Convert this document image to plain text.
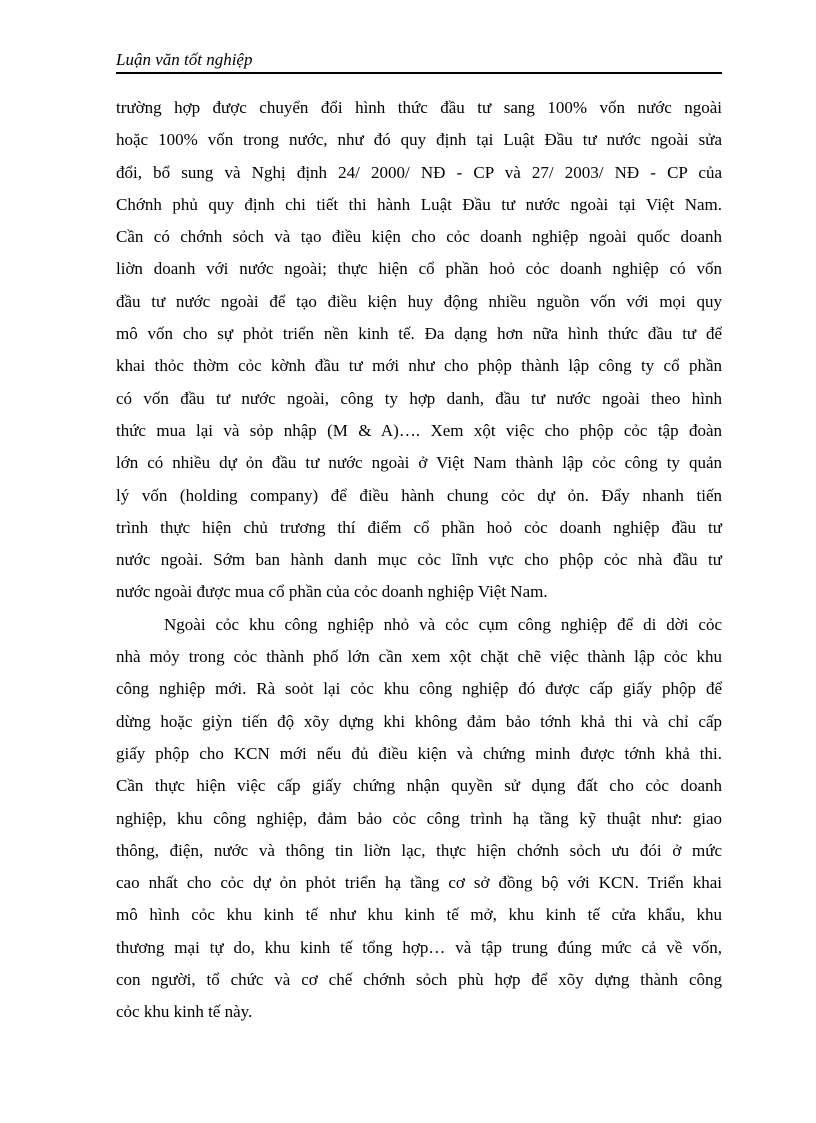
Luận văn tốt nghiệp

trường hợp được chuyển đổi hình thức đầu tư sang 100% vốn nước ngoài
hoặc 100% vốn trong nước, như đó quy định tại Luật Đầu tư nước ngoài sửa
đổi, bổ sung và Nghị định 24/ 2000/ NĐ - CP và 27/ 2003/ NĐ - CP của
Chớnh phủ quy định chi tiết thi hành Luật Đầu tư nước ngoài tại Việt Nam.
Cần có chớnh sỏch và tạo điều kiện cho cỏc doanh nghiệp ngoài quốc doanh
liờn doanh với nước ngoài; thực hiện cổ phần hoỏ cỏc doanh nghiệp có vốn
đầu tư nước ngoài để tạo điều kiện huy động nhiều nguồn vốn với mọi quy
mô vốn cho sự phỏt triển nền kinh tế. Đa dạng hơn nữa hình thức đầu tư để
khai thỏc thờm cỏc kờnh đầu tư mới như cho phộp thành lập công ty cổ phần
có vốn đầu tư nước ngoài, công ty hợp danh, đầu tư nước ngoài theo hình
thức mua lại và sỏp nhập (M & A)…. Xem xột việc cho phộp cỏc tập đoàn
lớn có nhiều dự ỏn đầu tư nước ngoài ở Việt Nam thành lập cỏc công ty quản
lý vốn (holding company) để điều hành chung cỏc dự ỏn. Đẩy nhanh tiến
trình thực hiện chủ trương thí điểm cổ phần hoỏ cỏc doanh nghiệp đầu tư
nước ngoài. Sớm ban hành danh mục cỏc lĩnh vực cho phộp cỏc nhà đầu tư
nước ngoài được mua cổ phần của cỏc doanh nghiệp Việt Nam.

Ngoài cỏc khu công nghiệp nhỏ và cỏc cụm công nghiệp để di dời cỏc
nhà mỏy trong cỏc thành phố lớn cần xem xột chặt chẽ việc thành lập cỏc khu
công nghiệp mới. Rà soỏt lại cỏc khu công nghiệp đó được cấp giấy phộp để
dừng hoặc giỳn tiến độ xõy dựng khi không đảm bảo tớnh khả thi và chỉ cấp
giấy phộp cho KCN mới nếu đủ điều kiện và chứng minh được tớnh khả thi.
Cần thực hiện việc cấp giấy chứng nhận quyền sử dụng đất cho cỏc doanh
nghiệp, khu công nghiệp, đảm bảo cỏc công trình hạ tầng kỹ thuật như: giao
thông, điện, nước và thông tin liờn lạc, thực hiện chớnh sỏch ưu đói ở mức
cao nhất cho cỏc dự ỏn phỏt triển hạ tầng cơ sở đồng bộ với KCN. Triển khai
mô hình cỏc khu kinh tế như khu kinh tế mở, khu kinh tế cửa khẩu, khu
thương mại tự do, khu kinh tế tổng hợp… và tập trung đúng mức cả về vốn,
con người, tổ chức và cơ chế chớnh sỏch phù hợp để xõy dựng thành công
cỏc khu kinh tế này.
